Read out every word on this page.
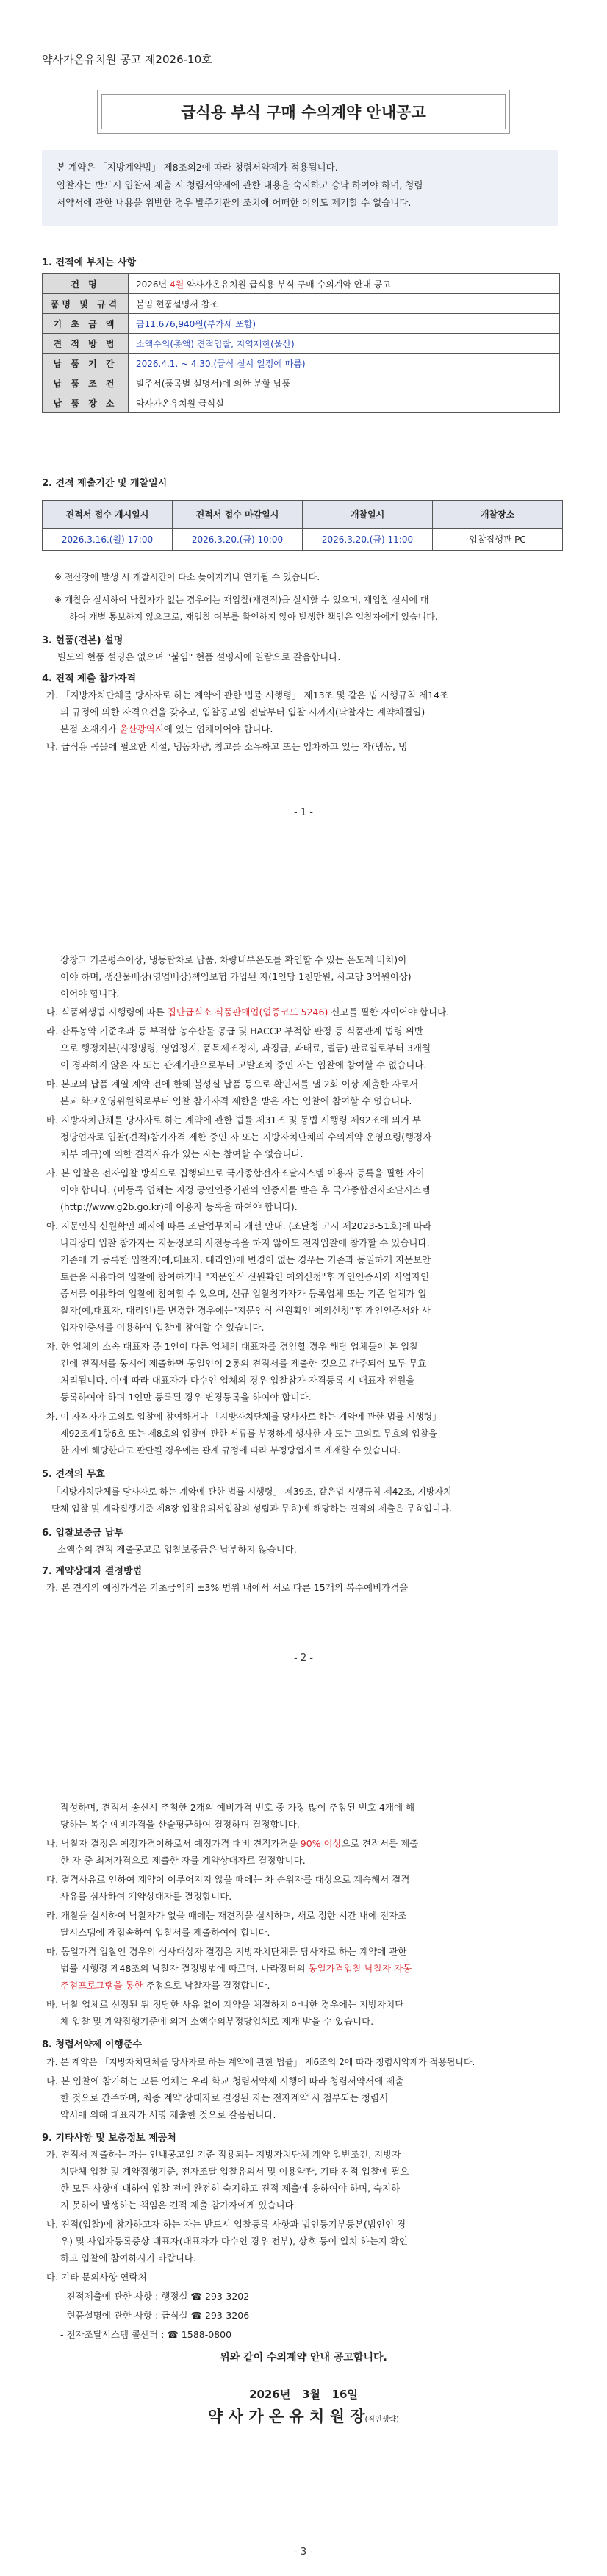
약사가온유치원 공고 제2026-10호
급식용 부식 구매 수의계약 안내공고

본 계약은 「지방계약법」 제8조의2에 따라 청렴서약제가 적용됩니다.

입찰자는 반드시 입찰서 제출 시 청렴서약제에 관한 내용을 숙지하고 승낙 하여야 하며, 청렴

서약서에 관한 내용을 위반한 경우 발주기관의 조치에 어떠한 이의도 제기할 수 없습니다.

1. 견적에 부치는 사항
건 명	2026년 4월 약사가온유치원 급식용 부식 구매 수의계약 안내 공고
품명 및 규격	붙임 현품설명서 참조
기 초 금 액	금11,676,940원(부가세 포함)
견 적 방 법	소액수의(총액) 견적입찰, 지역제한(울산)
납 품 기 간	2026.4.1. ~ 4.30.(급식 실시 일정에 따름)
납 품 조 건	발주서(품목별 설명서)에 의한 분할 납품
납 품 장 소	약사가온유치원 급식실
2. 견적 제출기간 및 개찰일시
견적서 접수 개시일시	견적서 접수 마감일시	개찰일시	개찰장소
2026.3.16.(월) 17:00	2026.3.20.(금) 10:00	2026.3.20.(금) 11:00	입찰집행관 PC
※ 전산장애 발생 시 개찰시간이 다소 늦어지거나 연기될 수 있습니다.
※ 개찰을 실시하여 낙찰자가 없는 경우에는 재입찰(재견적)을 실시할 수 있으며, 재입찰 실시에 대
하여 개별 통보하지 않으므로, 재입찰 여부를 확인하지 않아 발생한 책임은 입찰자에게 있습니다.
3. 현품(견본) 설명
별도의 현품 설명은 없으며 "붙임" 현품 설명서에 열람으로 갈음합니다.
4. 견적 제출 참가자격
가. 「지방자치단체를 당사자로 하는 계약에 관한 법률 시행령」 제13조 및 같은 법 시행규칙 제14조
의 규정에 의한 자격요건을 갖추고, 입찰공고일 전날부터 입찰 시까지(낙찰자는 계약체결일)
본점 소재지가 울산광역시에 있는 업체이어야 합니다.
나. 급식용 곡물에 필요한 시설, 냉동차량, 창고를 소유하고 또는 임차하고 있는 자(냉동, 냉
- 1 -
장창고 기본평수이상, 냉동탑차로 납품, 차량내부온도를 확인할 수 있는 온도계 비치)이
어야 하며, 생산물배상(영업배상)책임보험 가입된 자(1인당 1천만원, 사고당 3억원이상)
이어야 합니다.
다. 식품위생법 시행령에 따른 집단급식소 식품판매업(업종코드 5246) 신고를 필한 자이어야 합니다.
라. 잔류농약 기준초과 등 부적합 농수산물 공급 및 HACCP 부적합 판정 등 식품관계 법령 위반
으로 행정처분(시정명령, 영업정지, 품목제조정지, 과징금, 과태료, 벌금) 판료일로부터 3개월
이 경과하지 않은 자 또는 관계기관으로부터 고발조치 중인 자는 입찰에 참여할 수 없습니다.
마. 본교의 납품 계열 계약 건에 한해 불성실 납품 등으로 확인서를 낼 2회 이상 제출한 자로서
본교 학교운영위원회로부터 입찰 참가자격 제한을 받은 자는 입찰에 참여할 수 없습니다.
바. 지방자치단체를 당사자로 하는 계약에 관한 법률 제31조 및 동법 시행령 제92조에 의거 부
정당업자로 입찰(견적)참가자격 제한 중인 자 또는 지방자치단체의 수의계약 운영요령(행정자
치부 예규)에 의한 결격사유가 있는 자는 참여할 수 없습니다.
사. 본 입찰은 전자입찰 방식으로 집행되므로 국가종합전자조달시스템 이용자 등록을 필한 자이
어야 합니다. (미등록 업체는 지정 공인인증기관의 인증서를 받은 후 국가종합전자조달시스템
(http://www.g2b.go.kr)에 이용자 등록을 하여야 합니다).
아. 지문인식 신원확인 폐지에 따른 조달업무처리 개선 안내. (조달청 고시 제2023-51호)에 따라
나라장터 입찰 참가자는 지문정보의 사전등록을 하지 않아도 전자입찰에 참가할 수 있습니다.
기존에 기 등록한 입찰자(예,대표자, 대리인)에 변경이 없는 경우는 기존과 동일하게 지문보안
토큰을 사용하여 입찰에 참여하거나 "지문인식 신원확인 예외신청"후 개인인증서와 사업자인
증서를 이용하여 입찰에 참여할 수 있으며, 신규 입찰참가자가 등록업체 또는 기존 업체가 입
찰자(예,대표자, 대리인)를 변경한 경우에는"지문인식 신원확인 예외신청"후 개인인증서와 사
업자인증서를 이용하여 입찰에 참여할 수 있습니다.
자. 한 업체의 소속 대표자 중 1인이 다른 업체의 대표자를 겸임할 경우 해당 업체들이 본 입찰
건에 견적서를 동시에 제출하면 동일인이 2통의 견적서를 제출한 것으로 간주되어 모두 무효
처리됩니다. 이에 따라 대표자가 다수인 업체의 경우 입찰참가 자격등록 시 대표자 전원을
등록하여야 하며 1인만 등록된 경우 변경등록을 하여야 합니다.
차. 이 자격자가 고의로 입찰에 참여하거나 「지방자치단체를 당사자로 하는 계약에 관한 법률 시행령」
제92조제1항6호 또는 제8호의 입찰에 관한 서류를 부정하게 행사한 자 또는 고의로 무효의 입찰을
한 자에 해당한다고 판단될 경우에는 관계 규정에 따라 부정당업자로 제재할 수 있습니다.
5. 견적의 무효
「지방자치단체를 당사자로 하는 계약에 관한 법률 시행령」 제39조, 같은법 시행규칙 제42조, 지방자치
단체 입찰 및 계약집행기준 제8장 입찰유의서입찰의 성립과 무효)에 해당하는 견적의 제출은 무효입니다.
6. 입찰보증금 납부
소액수의 견적 제출공고로 입찰보증금은 납부하지 않습니다.
7. 계약상대자 결정방법
가. 본 견적의 예정가격은 기초금액의 ±3% 범위 내에서 서로 다른 15개의 복수예비가격을
- 2 -
작성하며, 견적서 송신시 추첨한 2개의 예비가격 번호 중 가장 많이 추첨된 번호 4개에 해
당하는 복수 예비가격을 산술평균하여 결정하며 결정합니다.
나. 낙찰자 결정은 예정가격이하로서 예정가격 대비 견적가격을 90% 이상으로 견적서를 제출
한 자 중 최저가격으로 제출한 자를 계약상대자로 결정합니다.
다. 결격사유로 인하여 계약이 이루어지지 않을 때에는 차 순위자를 대상으로 계속해서 결격
사유를 심사하여 계약상대자를 결정합니다.
라. 개찰을 실시하여 낙찰자가 없을 때에는 재견적을 실시하며, 새로 정한 시간 내에 전자조
달시스템에 재접속하여 입찰서를 제출하여야 합니다.
마. 동일가격 입찰인 경우의 심사대상자 결정은 지방자치단체를 당사자로 하는 계약에 관한
법률 시행령 제48조의 낙찰자 결정방법에 따르며, 나라장터의 동일가격입찰 낙찰자 자동
추첨프로그램을 통한 추첨으로 낙찰자를 결정합니다.
바. 낙찰 업체로 선정된 뒤 정당한 사유 없이 계약을 체결하지 아니한 경우에는 지방자치단
체 입찰 및 계약집행기준에 의거 소액수의부정당업체로 제재 받을 수 있습니다.
8. 청렴서약제 이행준수
가. 본 계약은 「지방자치단체를 당사자로 하는 계약에 관한 법률」 제6조의 2에 따라 청렴서약제가 적용됩니다.
나. 본 입찰에 참가하는 모든 업체는 우리 학교 청렴서약제 시행에 따라 청렴서약서에 제출
한 것으로 간주하며, 최종 계약 상대자로 결정된 자는 전자계약 시 첨부되는 청렴서
약서에 의해 대표자가 서명 제출한 것으로 갈음됩니다.
9. 기타사항 및 보충정보 제공처
가. 견적서 제출하는 자는 안내공고일 기준 적용되는 지방자치단체 계약 일반조건, 지방자
치단체 입찰 및 계약집행기준, 전자조달 입찰유의서 및 이용약관, 기타 견적 입찰에 필요
한 모든 사항에 대하여 입찰 전에 완전히 숙지하고 견적 제출에 응하여야 하며, 숙지하
지 못하여 발생하는 책임은 견적 제출 참가자에게 있습니다.
나. 견적(입찰)에 참가하고자 하는 자는 반드시 입찰등록 사항과 법인등기부등본(법인인 경
우) 및 사업자등록증상 대표자(대표자가 다수인 경우 전부), 상호 등이 일치 하는지 확인
하고 입찰에 참여하시기 바랍니다.
다. 기타 문의사항 연락처
- 견적제출에 관한 사항 : 행정실 ☎ 293-3202
- 현품설명에 관한 사항 : 급식실 ☎ 293-3206
- 전자조달시스템 콜센터 : ☎ 1588-0800
위와 같이 수의계약 안내 공고합니다.
2026년   3월   16일
약 사 가 온 유 치 원 장(직인생략)
- 3 -
